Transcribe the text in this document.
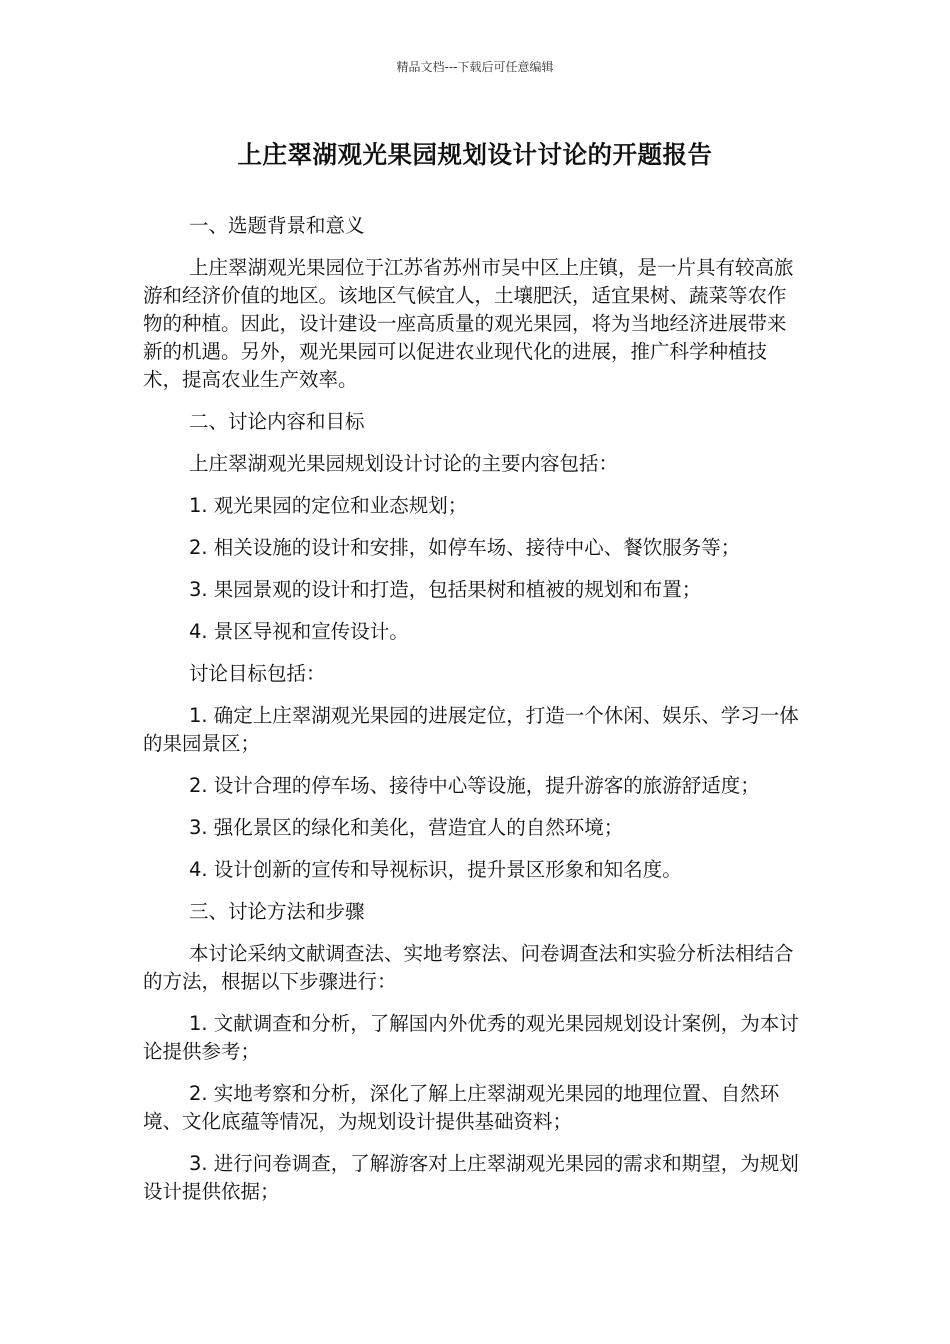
精品文档---下载后可任意编辑
上庄翠湖观光果园规划设计讨论的开题报告

一、选题背景和意义

上庄翠湖观光果园位于江苏省苏州市吴中区上庄镇，是一片具有较高旅游和经济价值的地区。该地区气候宜人，土壤肥沃，适宜果树、蔬菜等农作物的种植。因此，设计建设一座高质量的观光果园，将为当地经济进展带来新的机遇。另外，观光果园可以促进农业现代化的进展，推广科学种植技术，提高农业生产效率。

二、讨论内容和目标

上庄翠湖观光果园规划设计讨论的主要内容包括：

1. 观光果园的定位和业态规划；

2. 相关设施的设计和安排，如停车场、接待中心、餐饮服务等；

3. 果园景观的设计和打造，包括果树和植被的规划和布置；

4. 景区导视和宣传设计。

讨论目标包括：

1. 确定上庄翠湖观光果园的进展定位，打造一个休闲、娱乐、学习一体的果园景区；

2. 设计合理的停车场、接待中心等设施，提升游客的旅游舒适度；

3. 强化景区的绿化和美化，营造宜人的自然环境；

4. 设计创新的宣传和导视标识，提升景区形象和知名度。

三、讨论方法和步骤

本讨论采纳文献调查法、实地考察法、问卷调查法和实验分析法相结合的方法，根据以下步骤进行：

1. 文献调查和分析，了解国内外优秀的观光果园规划设计案例，为本讨论提供参考；

2. 实地考察和分析，深化了解上庄翠湖观光果园的地理位置、自然环境、文化底蕴等情况，为规划设计提供基础资料；

3. 进行问卷调查，了解游客对上庄翠湖观光果园的需求和期望，为规划设计提供依据；
